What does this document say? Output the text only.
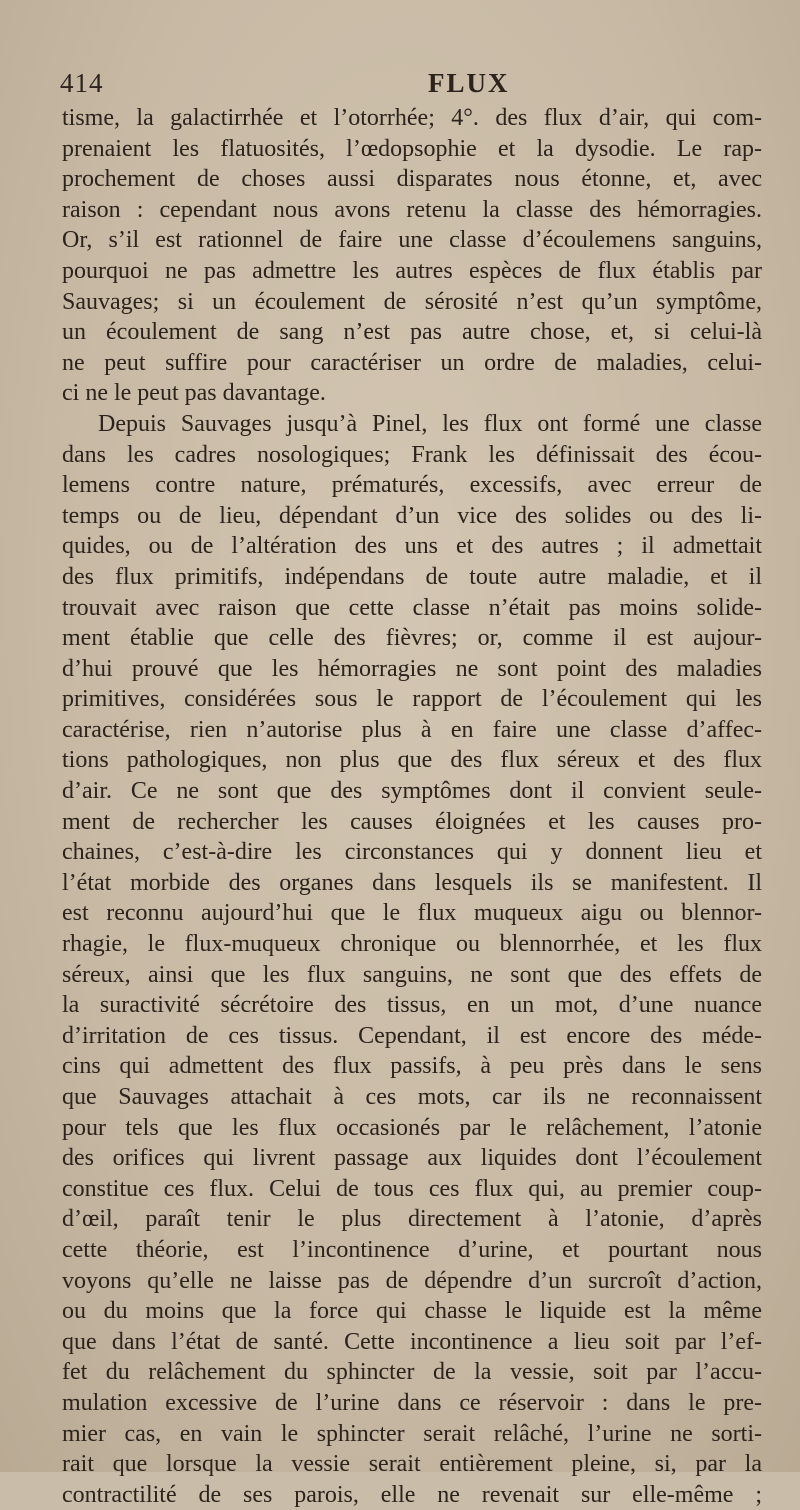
414	FLUX
tisme, la galactirrhée et l’otorrhée; 4°. des flux d’air, qui com-
prenaient les flatuosités, l’œdopsophie et la dysodie. Le rap-
prochement de choses aussi disparates nous étonne, et, avec
raison : cependant nous avons retenu la classe des hémorragies.
Or, s’il est rationnel de faire une classe d’écoulemens sanguins,
pourquoi ne pas admettre les autres espèces de flux établis par
Sauvages; si un écoulement de sérosité n’est qu’un symptôme,
un écoulement de sang n’est pas autre chose, et, si celui-là
ne peut suffire pour caractériser un ordre de maladies, celui-
ci ne le peut pas davantage.
Depuis Sauvages jusqu’à Pinel, les flux ont formé une classe
dans les cadres nosologiques; Frank les définissait des écou-
lemens contre nature, prématurés, excessifs, avec erreur de
temps ou de lieu, dépendant d’un vice des solides ou des li-
quides, ou de l’altération des uns et des autres ; il admettait
des flux primitifs, indépendans de toute autre maladie, et il
trouvait avec raison que cette classe n’était pas moins solide-
ment établie que celle des fièvres; or, comme il est aujour-
d’hui prouvé que les hémorragies ne sont point des maladies
primitives, considérées sous le rapport de l’écoulement qui les
caractérise, rien n’autorise plus à en faire une classe d’affec-
tions pathologiques, non plus que des flux séreux et des flux
d’air. Ce ne sont que des symptômes dont il convient seule-
ment de rechercher les causes éloignées et les causes pro-
chaines, c’est-à-dire les circonstances qui y donnent lieu et
l’état morbide des organes dans lesquels ils se manifestent. Il
est reconnu aujourd’hui que le flux muqueux aigu ou blennor-
rhagie, le flux-muqueux chronique ou blennorrhée, et les flux
séreux, ainsi que les flux sanguins, ne sont que des effets de
la suractivité sécrétoire des tissus, en un mot, d’une nuance
d’irritation de ces tissus. Cependant, il est encore des méde-
cins qui admettent des flux passifs, à peu près dans le sens
que Sauvages attachait à ces mots, car ils ne reconnaissent
pour tels que les flux occasionés par le relâchement, l’atonie
des orifices qui livrent passage aux liquides dont l’écoulement
constitue ces flux. Celui de tous ces flux qui, au premier coup-
d’œil, paraît tenir le plus directement à l’atonie, d’après
cette théorie, est l’incontinence d’urine, et pourtant nous
voyons qu’elle ne laisse pas de dépendre d’un surcroît d’action,
ou du moins que la force qui chasse le liquide est la même
que dans l’état de santé. Cette incontinence a lieu soit par l’ef-
fet du relâchement du sphincter de la vessie, soit par l’accu-
mulation excessive de l’urine dans ce réservoir : dans le pre-
mier cas, en vain le sphincter serait relâché, l’urine ne sorti-
rait que lorsque la vessie serait entièrement pleine, si, par la
contractilité de ses parois, elle ne revenait sur elle-même ;
